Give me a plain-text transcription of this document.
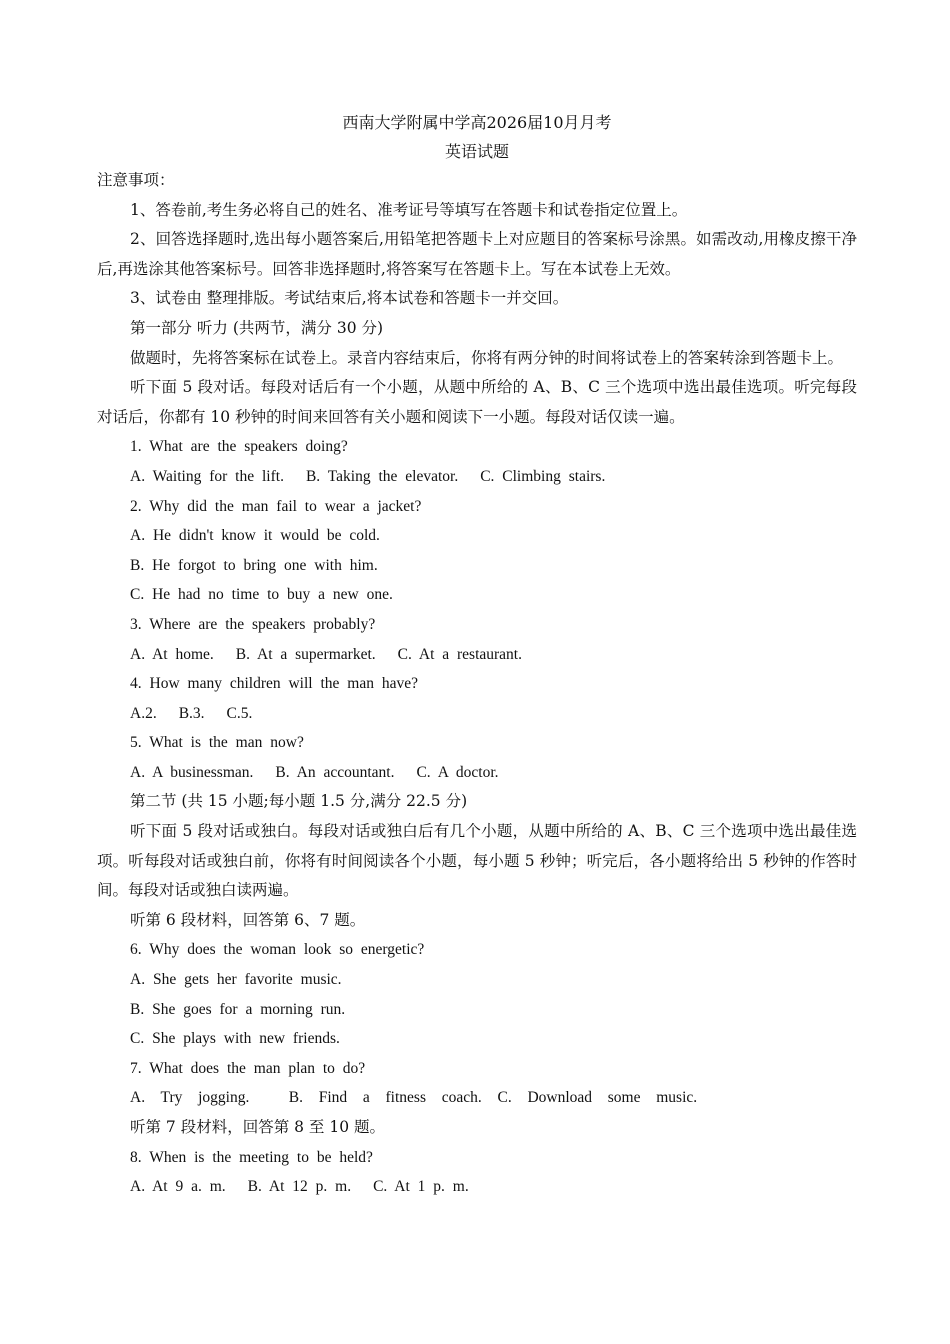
西南大学附属中学高2026届10月月考

英语试题

注意事项：

1、答卷前,考生务必将自己的姓名、准考证号等填写在答题卡和试卷指定位置上。

2、回答选择题时,选出每小题答案后,用铅笔把答题卡上对应题目的答案标号涂黑。如需改动,用橡皮擦干净后,再选涂其他答案标号。回答非选择题时,将答案写在答题卡上。写在本试卷上无效。

3、试卷由 整理排版。考试结束后,将本试卷和答题卡一并交回。

第一部分 听力 (共两节，满分 30 分)

做题时，先将答案标在试卷上。录音内容结束后，你将有两分钟的时间将试卷上的答案转涂到答题卡上。

听下面 5 段对话。每段对话后有一个小题，从题中所给的 A、B、C 三个选项中选出最佳选项。听完每段对话后，你都有 10 秒钟的时间来回答有关小题和阅读下一小题。每段对话仅读一遍。

1. What are the speakers doing?

A. Waiting for the lift. B. Taking the elevator. C. Climbing stairs.

2. Why did the man fail to wear a jacket?

A. He didn't know it would be cold.

B. He forgot to bring one with him.

C. He had no time to buy a new one.

3. Where are the speakers probably?

A. At home. B. At a supermarket. C. At a restaurant.

4. How many children will the man have?

A.2. B.3. C.5.

5. What is the man now?

A. A businessman. B. An accountant. C. A doctor.

第二节 (共 15 小题;每小题 1.5 分,满分 22.5 分)

听下面 5 段对话或独白。每段对话或独白后有几个小题，从题中所给的 A、B、C 三个选项中选出最佳选项。听每段对话或独白前，你将有时间阅读各个小题，每小题 5 秒钟；听完后，各小题将给出 5 秒钟的作答时间。每段对话或独白读两遍。

听第 6 段材料，回答第 6、7 题。

6. Why does the woman look so energetic?

A. She gets her favorite music.

B. She goes for a morning run.

C. She plays with new friends.

7. What does the man plan to do?

A.  Try  jogging.     B.  Find  a  fitness  coach.  C.  Download  some  music.

听第 7 段材料，回答第 8 至 10 题。

8. When is the meeting to be held?

A. At 9 a. m. B. At 12 p. m. C. At 1 p. m.
